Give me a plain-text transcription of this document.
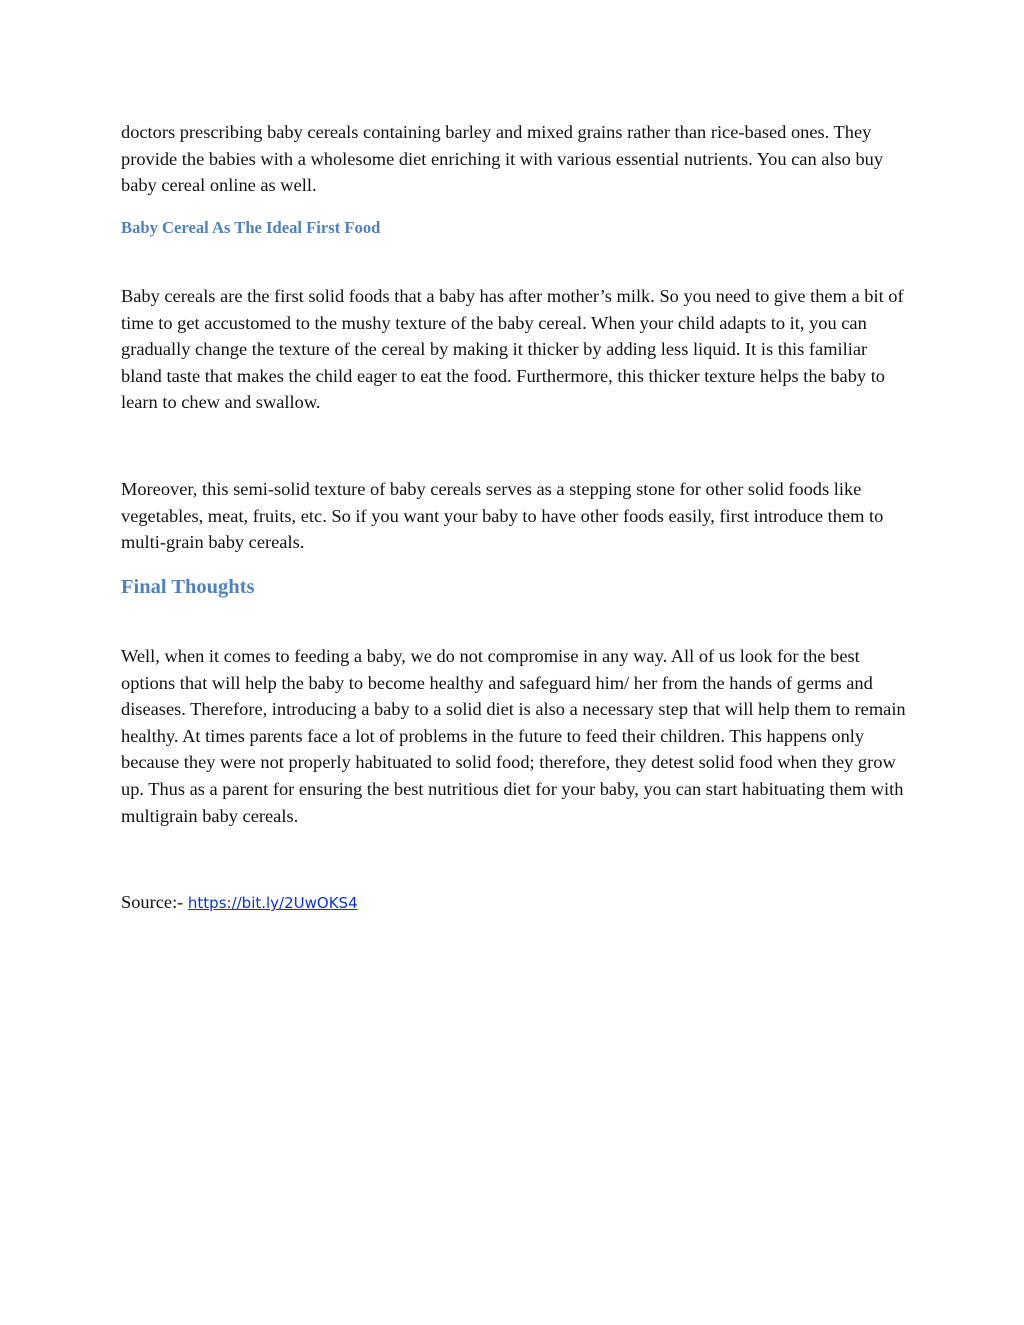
doctors prescribing baby cereals containing barley and mixed grains rather than rice-based ones. They provide the babies with a wholesome diet enriching it with various essential nutrients. You can also buy baby cereal online as well.

Baby Cereal As The Ideal First Food

Baby cereals are the first solid foods that a baby has after mother’s milk. So you need to give them a bit of time to get accustomed to the mushy texture of the baby cereal. When your child adapts to it, you can gradually change the texture of the cereal by making it thicker by adding less liquid. It is this familiar bland taste that makes the child eager to eat the food. Furthermore, this thicker texture helps the baby to learn to chew and swallow.

Moreover, this semi-solid texture of baby cereals serves as a stepping stone for other solid foods like vegetables, meat, fruits, etc. So if you want your baby to have other foods easily, first introduce them to multi-grain baby cereals.

Final Thoughts

Well, when it comes to feeding a baby, we do not compromise in any way. All of us look for the best options that will help the baby to become healthy and safeguard him/ her from the hands of germs and diseases. Therefore, introducing a baby to a solid diet is also a necessary step that will help them to remain healthy. At times parents face a lot of problems in the future to feed their children. This happens only because they were not properly habituated to solid food; therefore, they detest solid food when they grow up. Thus as a parent for ensuring the best nutritious diet for your baby, you can start habituating them with multigrain baby cereals.

Source:- https://bit.ly/2UwOKS4
